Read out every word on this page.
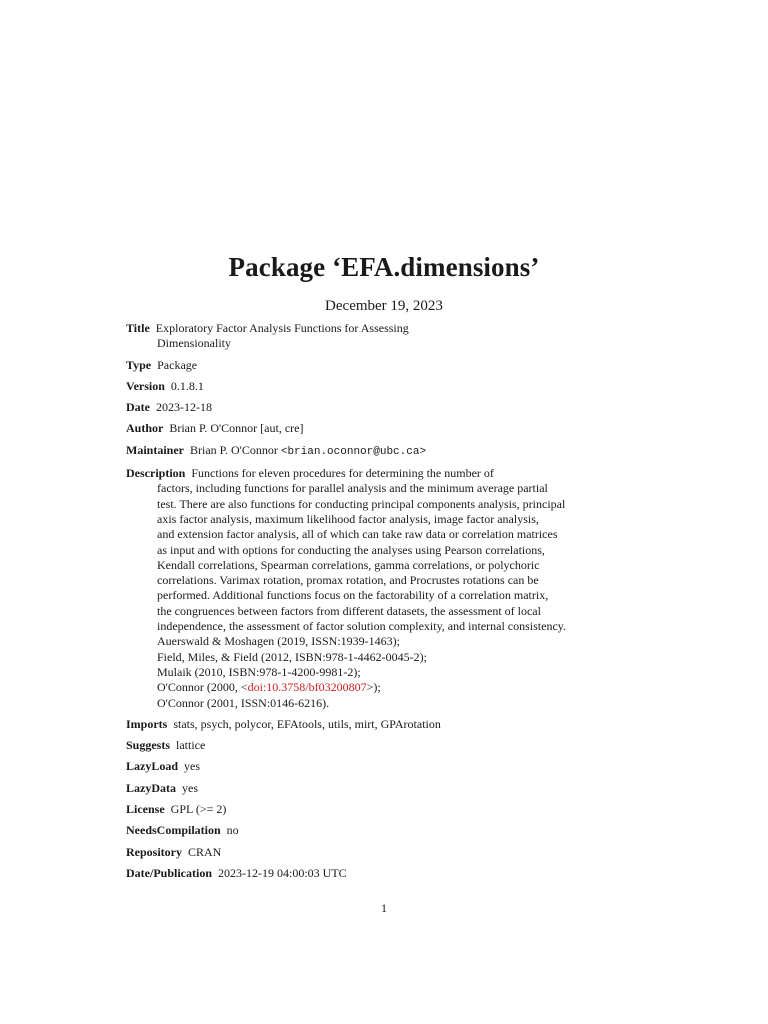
Package ‘EFA.dimensions’
December 19, 2023
Title Exploratory Factor Analysis Functions for Assessing
Dimensionality
Type Package
Version 0.1.8.1
Date 2023-12-18
Author Brian P. O'Connor [aut, cre]
Maintainer Brian P. O'Connor <brian.oconnor@ubc.ca>
Description Functions for eleven procedures for determining the number of
factors, including functions for parallel analysis and the minimum average partial
test. There are also functions for conducting principal components analysis, principal
axis factor analysis, maximum likelihood factor analysis, image factor analysis,
and extension factor analysis, all of which can take raw data or correlation matrices
as input and with options for conducting the analyses using Pearson correlations,
Kendall correlations, Spearman correlations, gamma correlations, or polychoric
correlations. Varimax rotation, promax rotation, and Procrustes rotations can be
performed. Additional functions focus on the factorability of a correlation matrix,
the congruences between factors from different datasets, the assessment of local
independence, the assessment of factor solution complexity, and internal consistency.
Auerswald & Moshagen (2019, ISSN:1939-1463);
Field, Miles, & Field (2012, ISBN:978-1-4462-0045-2);
Mulaik (2010, ISBN:978-1-4200-9981-2);
O'Connor (2000, <doi:10.3758/bf03200807>);
O'Connor (2001, ISSN:0146-6216).
Imports stats, psych, polycor, EFAtools, utils, mirt, GPArotation
Suggests lattice
LazyLoad yes
LazyData yes
License GPL (>= 2)
NeedsCompilation no
Repository CRAN
Date/Publication 2023-12-19 04:00:03 UTC
1
